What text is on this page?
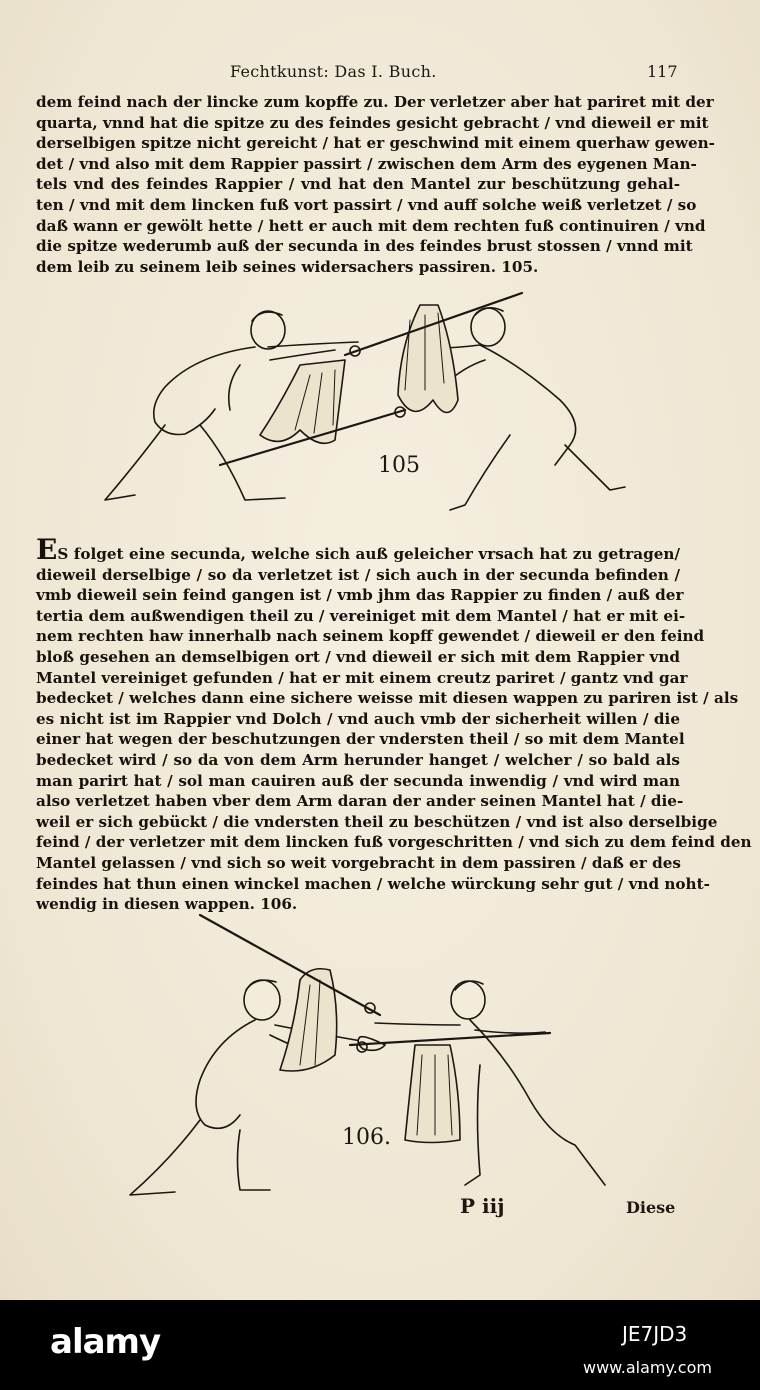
Fechtkunst: Das I. Buch.	117
dem feind nach der lincke zum kopffe zu. Der verletzer aber hat pariret mit der
quarta, vnnd hat die spitze zu des feindes gesicht gebracht / vnd dieweil er mit
derselbigen spitze nicht gereicht / hat er geschwind mit einem querhaw gewen-
det / vnd also mit dem Rappier passirt / zwischen dem Arm des eygenen Man-
tels vnd des feindes Rappier / vnd hat den Mantel zur beschützung gehal-
ten / vnd mit dem lincken fuß vort passirt / vnd auff solche weiß verletzet / so
daß wann er gewölt hette / hett er auch mit dem rechten fuß continuiren / vnd
die spitze wederumb auß der secunda in des feindes brust stossen / vnnd mit
dem leib zu seinem leib seines widersachers passiren. 105.
105
ES folget eine secunda, welche sich auß geleicher vrsach hat zu getragen/
dieweil derselbige / so da verletzet ist / sich auch in der secunda befinden /
vmb dieweil sein feind gangen ist / vmb jhm das Rappier zu finden / auß der
tertia dem außwendigen theil zu / vereiniget mit dem Mantel / hat er mit ei-
nem rechten haw innerhalb nach seinem kopff gewendet / dieweil er den feind
bloß gesehen an demselbigen ort / vnd dieweil er sich mit dem Rappier vnd
Mantel vereiniget gefunden / hat er mit einem creutz pariret / gantz vnd gar
bedecket / welches dann eine sichere weisse mit diesen wappen zu pariren ist / als
es nicht ist im Rappier vnd Dolch / vnd auch vmb der sicherheit willen / die
einer hat wegen der beschutzungen der vndersten theil / so mit dem Mantel
bedecket wird / so da von dem Arm herunder hanget / welcher / so bald als
man parirt hat / sol man cauiren auß der secunda inwendig / vnd wird man
also verletzet haben vber dem Arm daran der ander seinen Mantel hat / die-
weil er sich gebückt / die vndersten theil zu beschützen / vnd ist also derselbige
feind / der verletzer mit dem lincken fuß vorgeschritten / vnd sich zu dem feind den
Mantel gelassen / vnd sich so weit vorgebracht in dem passiren / daß er des
feindes hat thun einen winckel machen / welche würckung sehr gut / vnd noht-
wendig in diesen wappen. 106.
106.
P iij	Diese
alamy	JE7JD3
www.alamy.com
